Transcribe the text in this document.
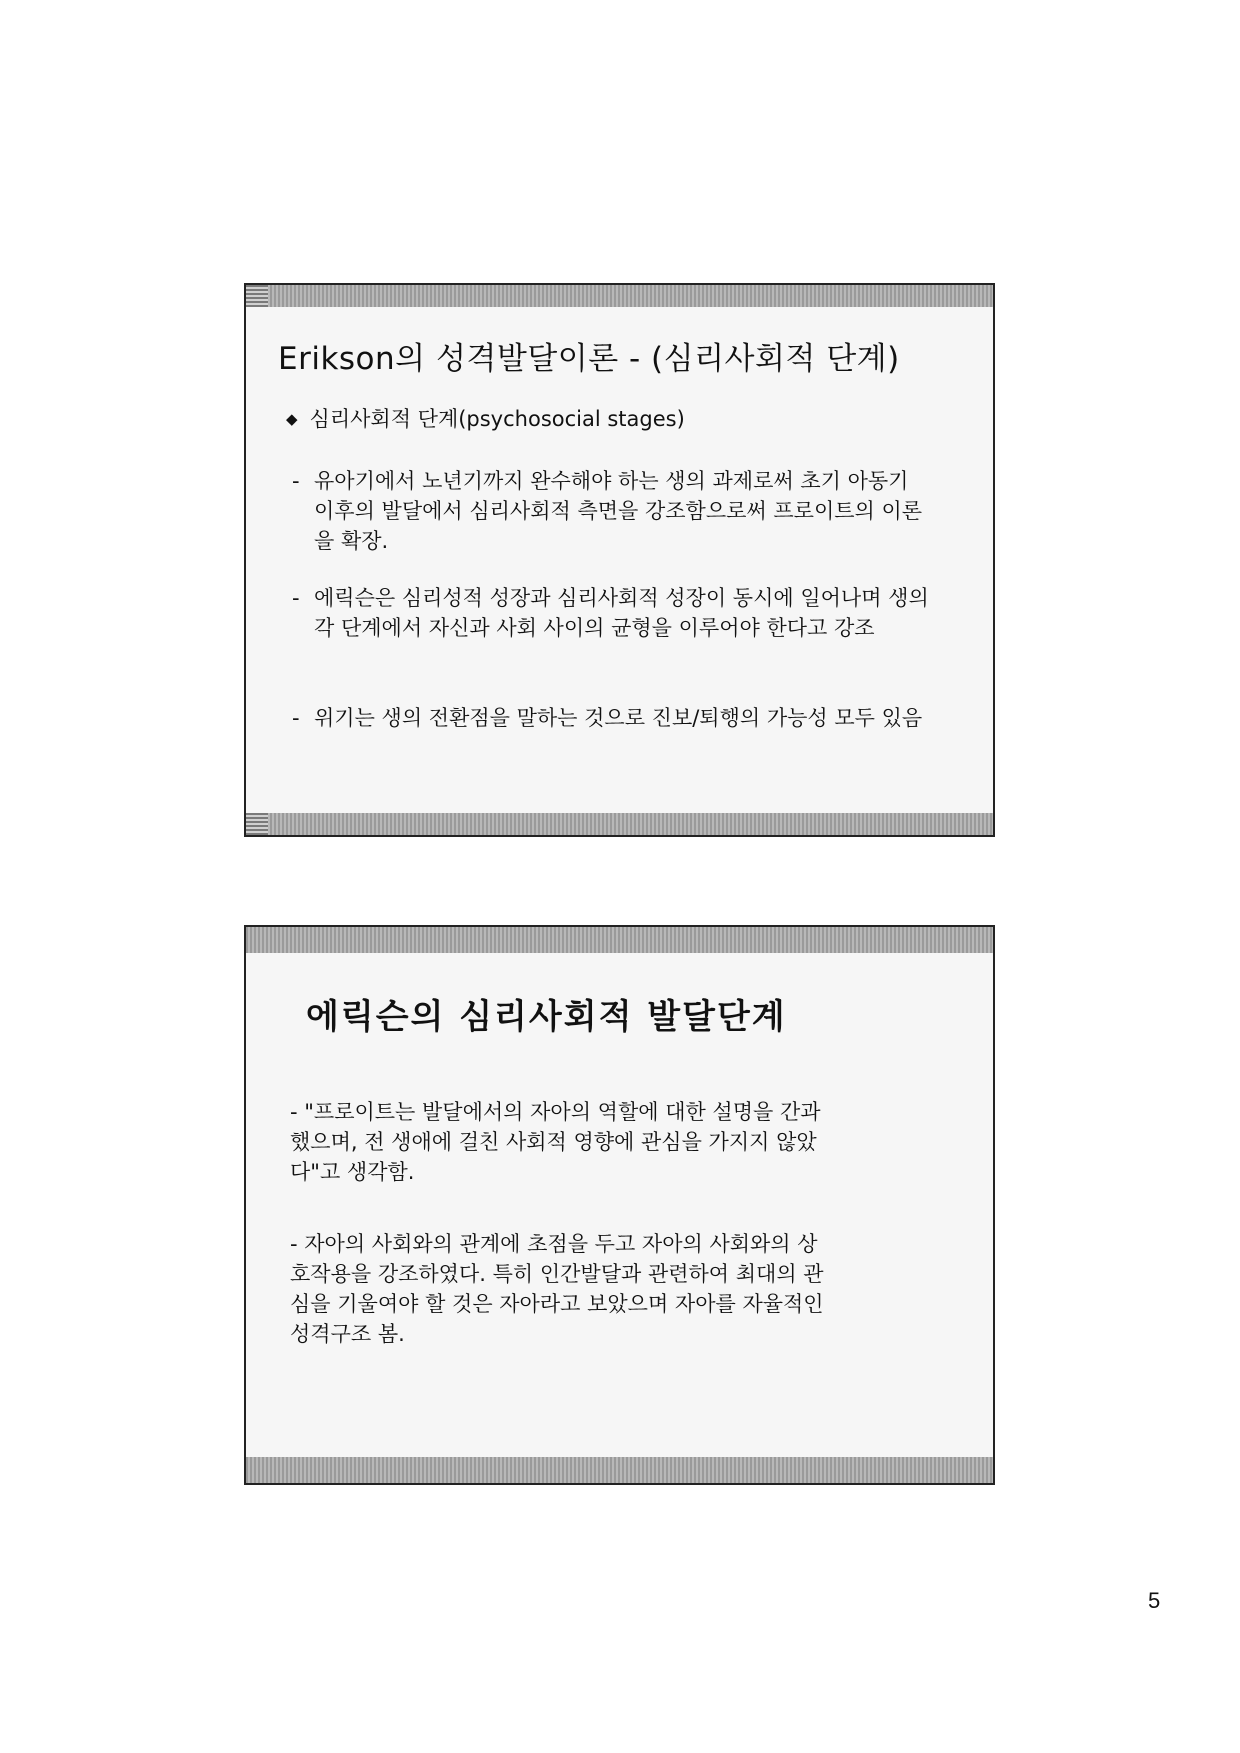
Erikson의 성격발달이론 - (심리사회적 단계)
◆ 심리사회적 단계(psychosocial stages)
- 유아기에서 노년기까지 완수해야 하는 생의 과제로써 초기 아동기 이후의 발달에서 심리사회적 측면을 강조함으로써 프로이트의 이론을 확장.
- 에릭슨은 심리성적 성장과 심리사회적 성장이 동시에 일어나며 생의 각 단계에서 자신과 사회 사이의 균형을 이루어야 한다고 강조
- 위기는 생의 전환점을 말하는 것으로 진보/퇴행의 가능성 모두 있음
에릭슨의 심리사회적 발달단계
- "프로이트는 발달에서의 자아의 역할에 대한 설명을 간과했으며, 전 생애에 걸친 사회적 영향에 관심을 가지지 않았다"고 생각함.
- 자아의 사회와의 관계에 초점을 두고 자아의 사회와의 상호작용을 강조하였다. 특히 인간발달과 관련하여 최대의 관심을 기울여야 할 것은 자아라고 보았으며 자아를 자율적인 성격구조 봄.
5
